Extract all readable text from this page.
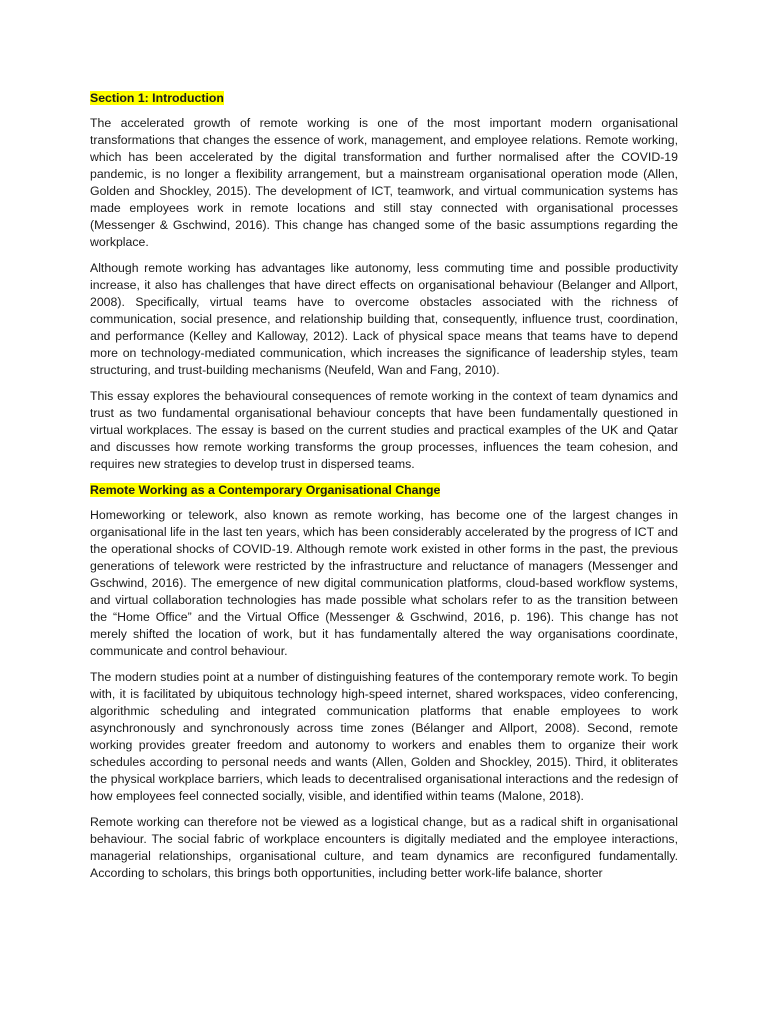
Section 1: Introduction

The accelerated growth of remote working is one of the most important modern organisational transformations that changes the essence of work, management, and employee relations. Remote working, which has been accelerated by the digital transformation and further normalised after the COVID-19 pandemic, is no longer a flexibility arrangement, but a mainstream organisational operation mode (Allen, Golden and Shockley, 2015). The development of ICT, teamwork, and virtual communication systems has made employees work in remote locations and still stay connected with organisational processes (Messenger & Gschwind, 2016). This change has changed some of the basic assumptions regarding the workplace.

Although remote working has advantages like autonomy, less commuting time and possible productivity increase, it also has challenges that have direct effects on organisational behaviour (Belanger and Allport, 2008). Specifically, virtual teams have to overcome obstacles associated with the richness of communication, social presence, and relationship building that, consequently, influence trust, coordination, and performance (Kelley and Kalloway, 2012). Lack of physical space means that teams have to depend more on technology-mediated communication, which increases the significance of leadership styles, team structuring, and trust-building mechanisms (Neufeld, Wan and Fang, 2010).

This essay explores the behavioural consequences of remote working in the context of team dynamics and trust as two fundamental organisational behaviour concepts that have been fundamentally questioned in virtual workplaces. The essay is based on the current studies and practical examples of the UK and Qatar and discusses how remote working transforms the group processes, influences the team cohesion, and requires new strategies to develop trust in dispersed teams.

Remote Working as a Contemporary Organisational Change

Homeworking or telework, also known as remote working, has become one of the largest changes in organisational life in the last ten years, which has been considerably accelerated by the progress of ICT and the operational shocks of COVID-19. Although remote work existed in other forms in the past, the previous generations of telework were restricted by the infrastructure and reluctance of managers (Messenger and Gschwind, 2016). The emergence of new digital communication platforms, cloud-based workflow systems, and virtual collaboration technologies has made possible what scholars refer to as the transition between the “Home Office” and the Virtual Office (Messenger & Gschwind, 2016, p. 196). This change has not merely shifted the location of work, but it has fundamentally altered the way organisations coordinate, communicate and control behaviour.

The modern studies point at a number of distinguishing features of the contemporary remote work. To begin with, it is facilitated by ubiquitous technology high-speed internet, shared workspaces, video conferencing, algorithmic scheduling and integrated communication platforms that enable employees to work asynchronously and synchronously across time zones (Bélanger and Allport, 2008). Second, remote working provides greater freedom and autonomy to workers and enables them to organize their work schedules according to personal needs and wants (Allen, Golden and Shockley, 2015). Third, it obliterates the physical workplace barriers, which leads to decentralised organisational interactions and the redesign of how employees feel connected socially, visible, and identified within teams (Malone, 2018).

Remote working can therefore not be viewed as a logistical change, but as a radical shift in organisational behaviour. The social fabric of workplace encounters is digitally mediated and the employee interactions, managerial relationships, organisational culture, and team dynamics are reconfigured fundamentally. According to scholars, this brings both opportunities, including better work-life balance, shorter
